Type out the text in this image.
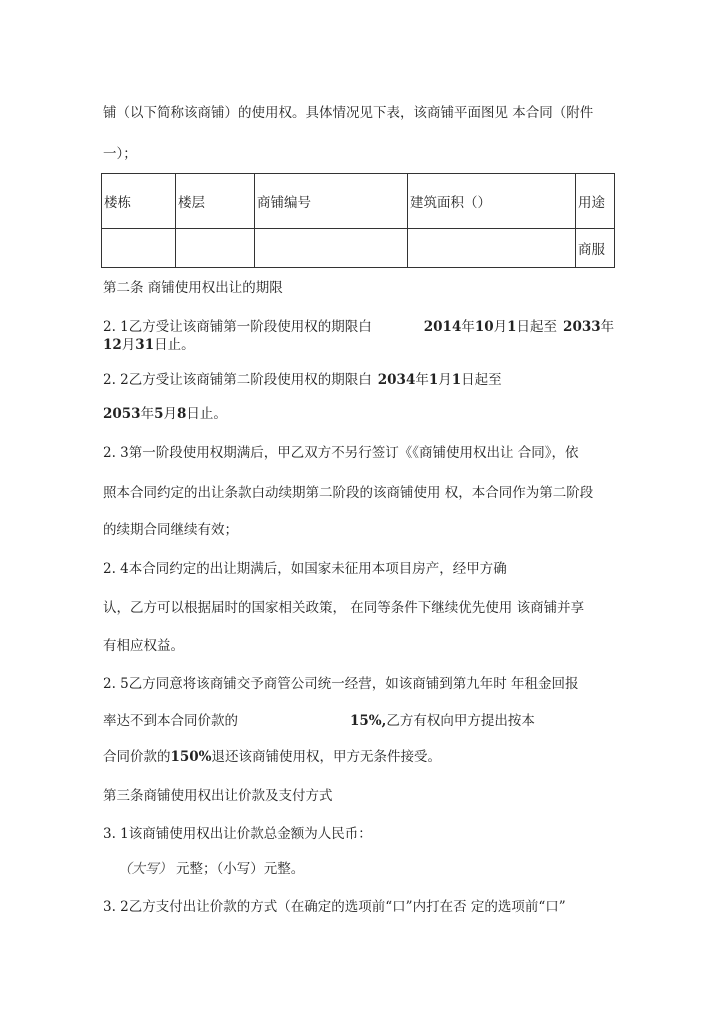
铺（以下简称该商铺）的使用权。具体情况见下表，该商铺平面图见 本合同（附件
一）；
楼栋	楼层	商铺编号	建筑面积（）	用途
				商服
第二条 商铺使用权出让的期限
2. 1乙方受让该商铺第一阶段使用权的期限白	2014年10月1日起至 2033年
12月31日止。
2. 2乙方受让该商铺第二阶段使用权的期限白 2034年1月1日起至
2053年5月8日止。
2. 3第一阶段使用权期满后，甲乙双方不另行签订《《商铺使用权出让 合同》，依
照本合同约定的出让条款白动续期第二阶段的该商铺使用 权，本合同作为第二阶段
的续期合同继续有效；
2. 4本合同约定的出让期满后，如国家未征用本项目房产，经甲方确
认，乙方可以根据届时的国家相关政策， 在同等条件下继续优先使用 该商铺并享
有相应权益。
2. 5乙方同意将该商铺交予商管公司统一经营，如该商铺到第九年时 年租金回报
率达不到本合同价款的	15%,乙方有权向甲方提出按本
合同价款的150%退还该商铺使用权，甲方无条件接受。
第三条商铺使用权出让价款及支付方式
3. 1该商铺使用权出让价款总金额为人民币：
（大写） 元整；（小写）元整。
3. 2乙方支付出让价款的方式（在确定的选项前“口”内打在否 定的选项前“口”
